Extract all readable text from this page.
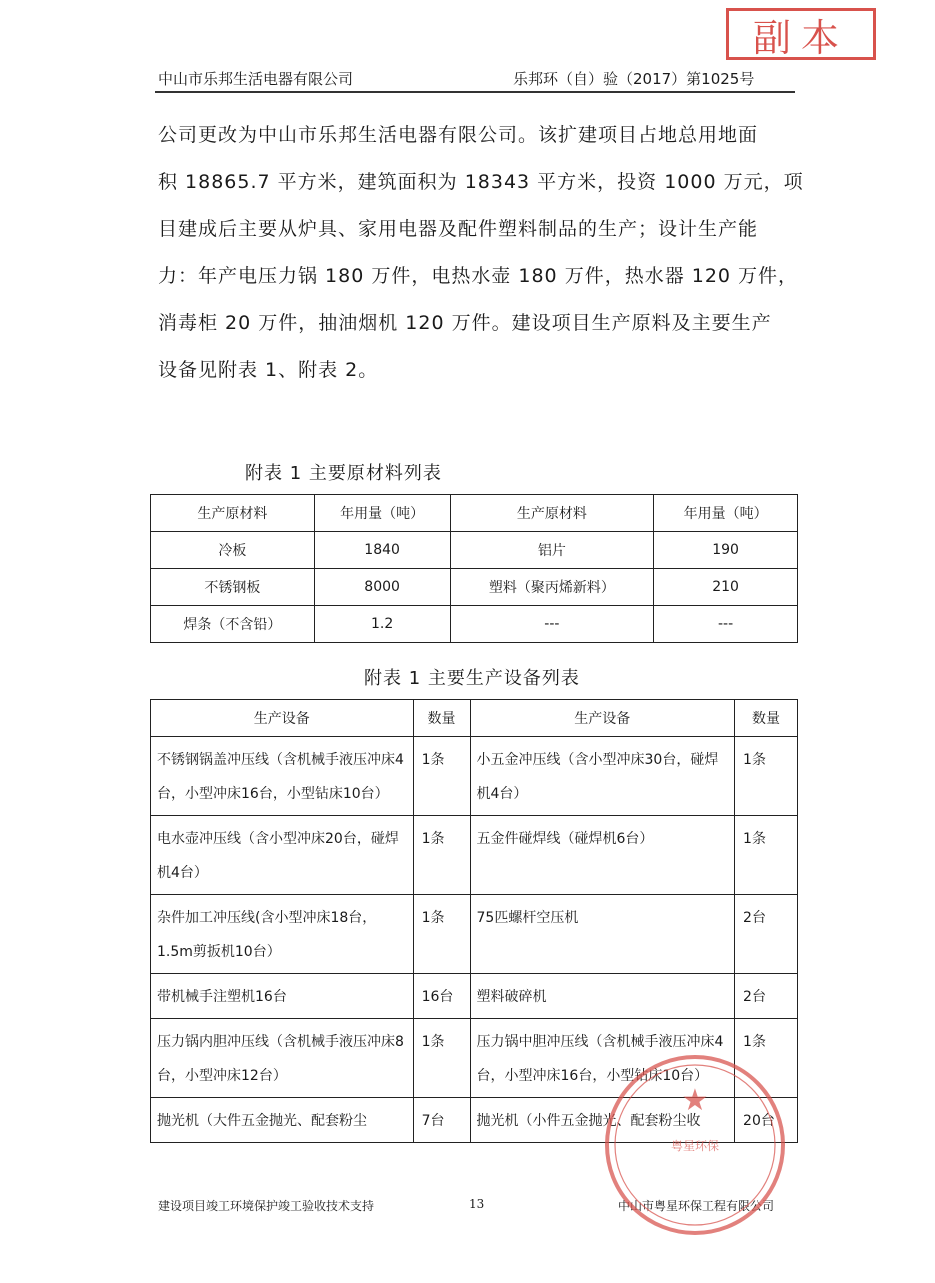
副本
中山市乐邦生活电器有限公司	乐邦环（自）验（2017）第1025号
公司更改为中山市乐邦生活电器有限公司。该扩建项目占地总用地面
积 18865.7 平方米，建筑面积为 18343 平方米，投资 1000 万元，项
目建成后主要从炉具、家用电器及配件塑料制品的生产；设计生产能
力：年产电压力锅 180 万件，电热水壶 180 万件，热水器 120 万件，
消毒柜 20 万件，抽油烟机 120 万件。建设项目生产原料及主要生产
设备见附表 1、附表 2。
附表 1 主要原材料列表
生产原材料	年用量（吨）	生产原材料	年用量（吨）
冷板	1840	铝片	190
不锈钢板	8000	塑料（聚丙烯新料）	210
焊条（不含铅）	1.2	---	---
附表 1 主要生产设备列表
生产设备	数量	生产设备	数量
不锈钢锅盖冲压线（含机械手液压冲床4台，小型冲床16台，小型钻床10台）	1条	小五金冲压线（含小型冲床30台，碰焊机4台）	1条
电水壶冲压线（含小型冲床20台，碰焊机4台）	1条	五金件碰焊线（碰焊机6台）	1条
杂件加工冲压线(含小型冲床18台，1.5m剪扳机10台）	1条	75匹螺杆空压机	2台
带机械手注塑机16台	16台	塑料破碎机	2台
压力锅内胆冲压线（含机械手液压冲床8台，小型冲床12台）	1条	压力锅中胆冲压线（含机械手液压冲床4台，小型冲床16台，小型钻床10台）	1条
抛光机（大件五金抛光、配套粉尘	7台	抛光机（小件五金抛光、配套粉尘收	20台
建设项目竣工环境保护竣工验收技术支持	13	中山市粤星环保工程有限公司
★
粤星环保
